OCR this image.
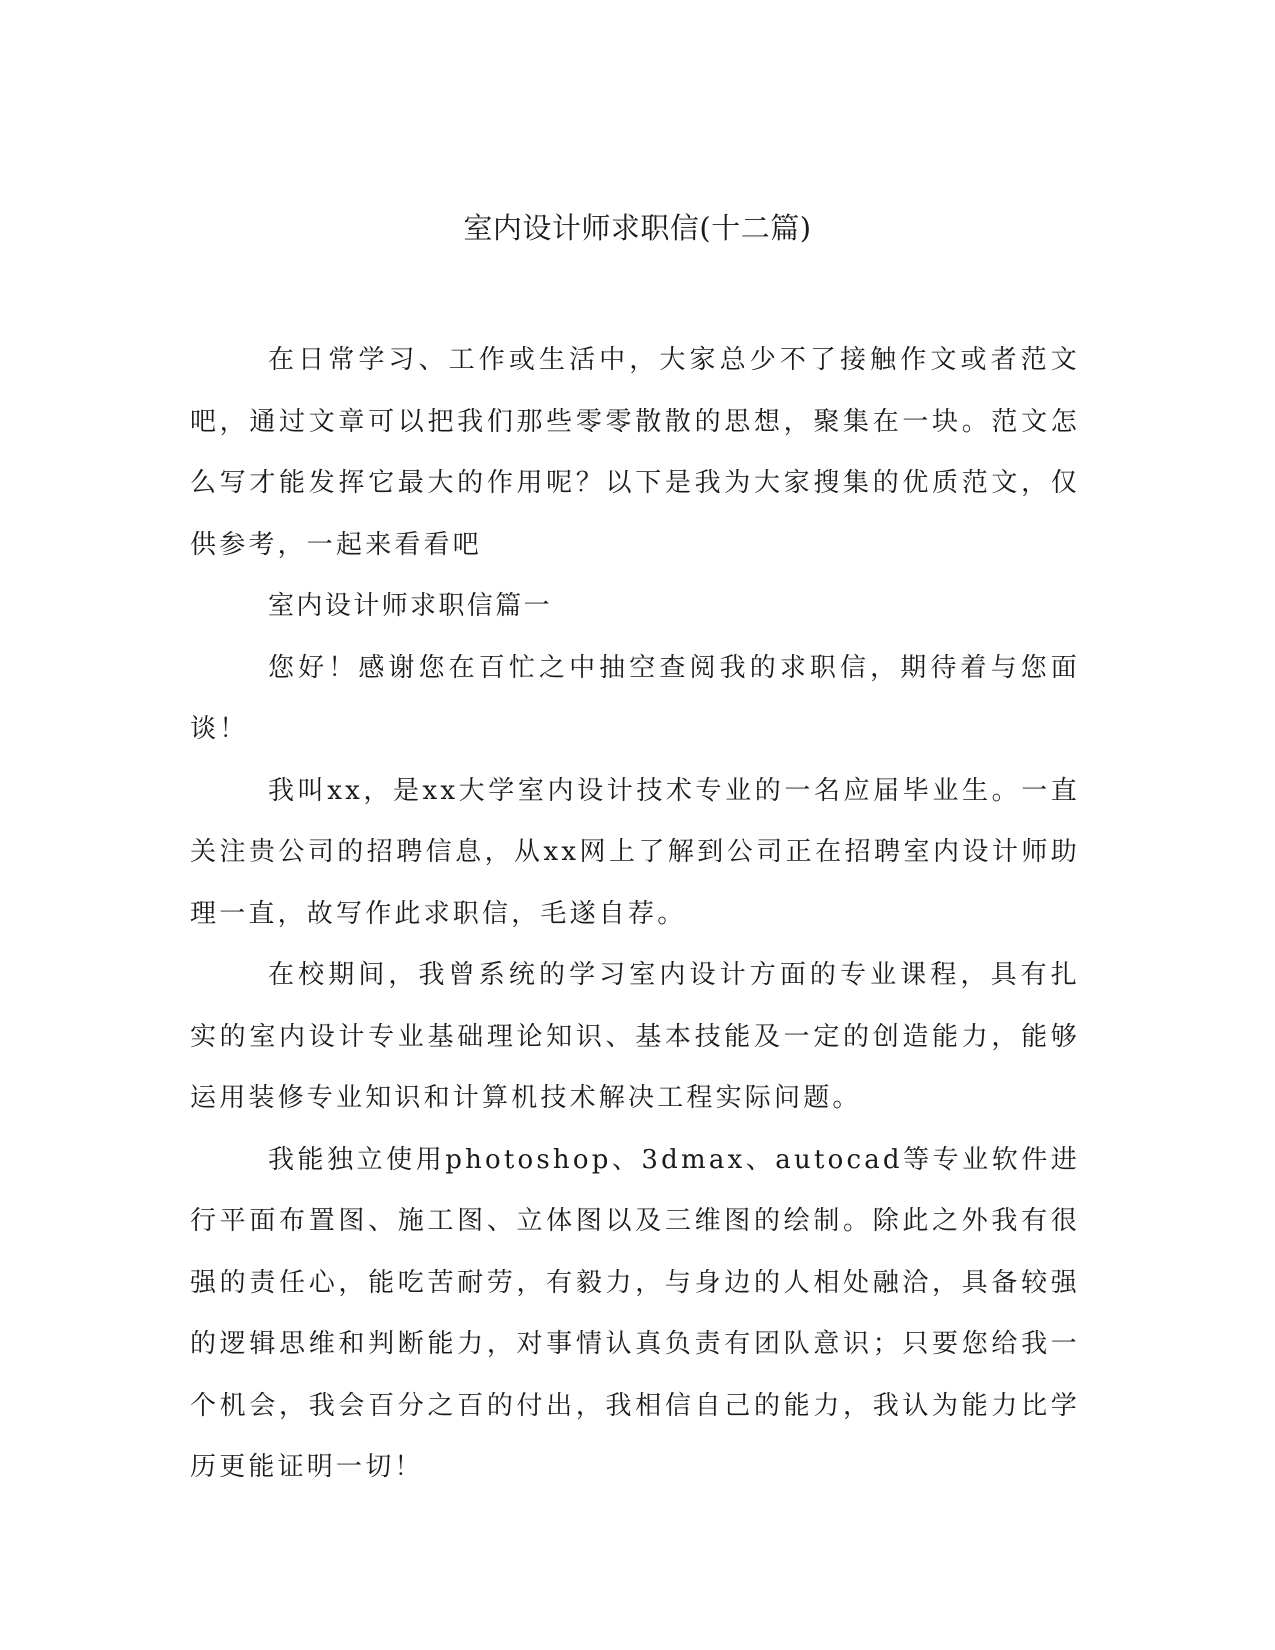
室内设计师求职信(十二篇)

在日常学习、工作或生活中，大家总少不了接触作文或者范文吧，通过文章可以把我们那些零零散散的思想，聚集在一块。范文怎么写才能发挥它最大的作用呢？以下是我为大家搜集的优质范文，仅供参考，一起来看看吧

室内设计师求职信篇一

您好！感谢您在百忙之中抽空查阅我的求职信，期待着与您面谈！

我叫xx，是xx大学室内设计技术专业的一名应届毕业生。一直关注贵公司的招聘信息，从xx网上了解到公司正在招聘室内设计师助理一直，故写作此求职信，毛遂自荐。

在校期间，我曾系统的学习室内设计方面的专业课程，具有扎实的室内设计专业基础理论知识、基本技能及一定的创造能力，能够运用装修专业知识和计算机技术解决工程实际问题。

我能独立使用photoshop、3dmax、autocad等专业软件进行平面布置图、施工图、立体图以及三维图的绘制。除此之外我有很强的责任心，能吃苦耐劳，有毅力，与身边的人相处融洽，具备较强的逻辑思维和判断能力，对事情认真负责有团队意识；只要您给我一个机会，我会百分之百的付出，我相信自己的能力，我认为能力比学历更能证明一切！
